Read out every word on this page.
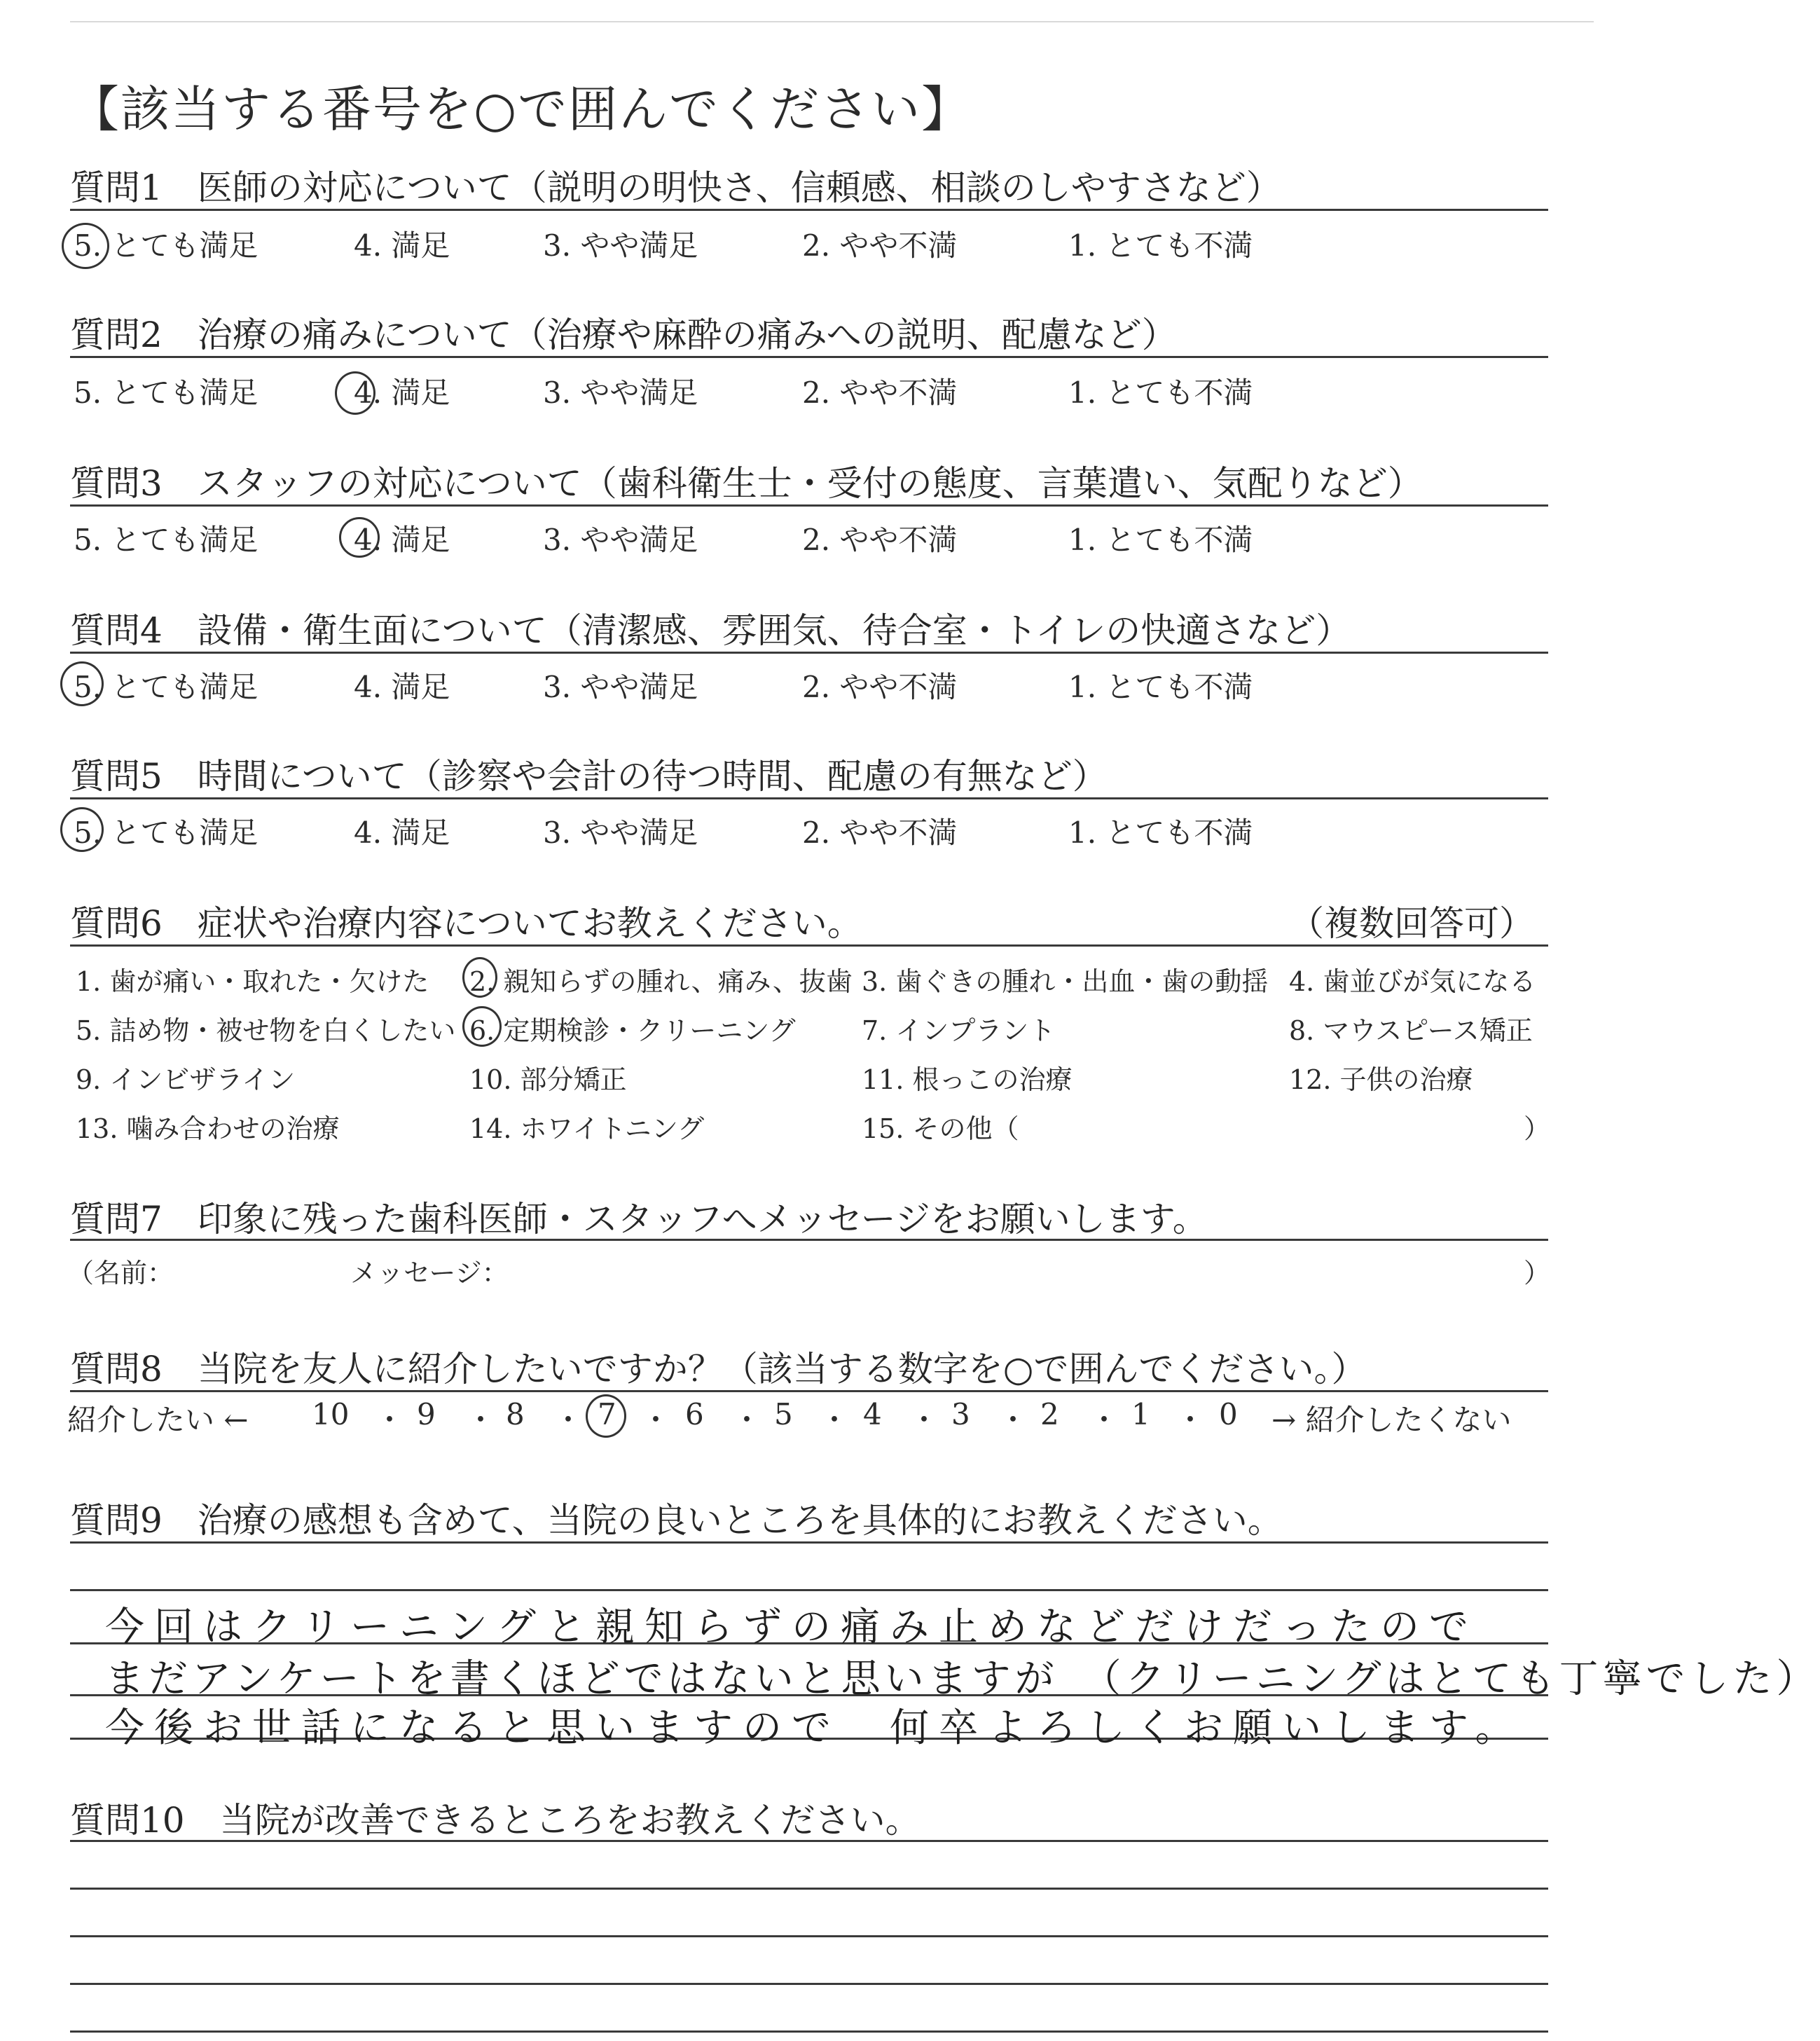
【該当する番号を○で囲んでください】
質問1　医師の対応について（説明の明快さ、信頼感、相談のしやすさなど）
5. とても満足	4. 満足	3. やや満足	2. やや不満	1. とても不満
質問2　治療の痛みについて（治療や麻酔の痛みへの説明、配慮など）
5. とても満足	4. 満足	3. やや満足	2. やや不満	1. とても不満
質問3　スタッフの対応について（歯科衛生士・受付の態度、言葉遣い、気配りなど）
5. とても満足	4. 満足	3. やや満足	2. やや不満	1. とても不満
質問4　設備・衛生面について（清潔感、雰囲気、待合室・トイレの快適さなど）
5. とても満足	4. 満足	3. やや満足	2. やや不満	1. とても不満
質問5　時間について（診察や会計の待つ時間、配慮の有無など）
5. とても満足	4. 満足	3. やや満足	2. やや不満	1. とても不満
質問6　症状や治療内容についてお教えください。	（複数回答可）
1. 歯が痛い・取れた・欠けた 2. 親知らずの腫れ、痛み、抜歯 3. 歯ぐきの腫れ・出血・歯の動揺 4. 歯並びが気になる
5. 詰め物・被せ物を白くしたい 6. 定期検診・クリーニング 7. インプラント	8. マウスピース矯正
9. インビザライン	10. 部分矯正	11. 根っこの治療	12. 子供の治療
13. 噛み合わせの治療	14. ホワイトニング	15. その他（	）
質問7　印象に残った歯科医師・スタッフへメッセージをお願いします。
（名前：	メッセージ：	）
質問8　当院を友人に紹介したいですか？（該当する数字を○で囲んでください。）
紹介したい ← 10 ・ 9 ・ 8 ・ 7 ・ 6 ・ 5 ・ 4 ・ 3 ・ 2 ・ 1 ・ 0 → 紹介したくない
質問9　治療の感想も含めて、当院の良いところを具体的にお教えください。
今回はクリーニングと親知らずの痛み止めなどだけだったので
まだアンケートを書くほどではないと思いますが　（クリーニングはとても丁寧でした）
今後お世話になると思いますので　何卒よろしくお願いします。
質問10　当院が改善できるところをお教えください。
